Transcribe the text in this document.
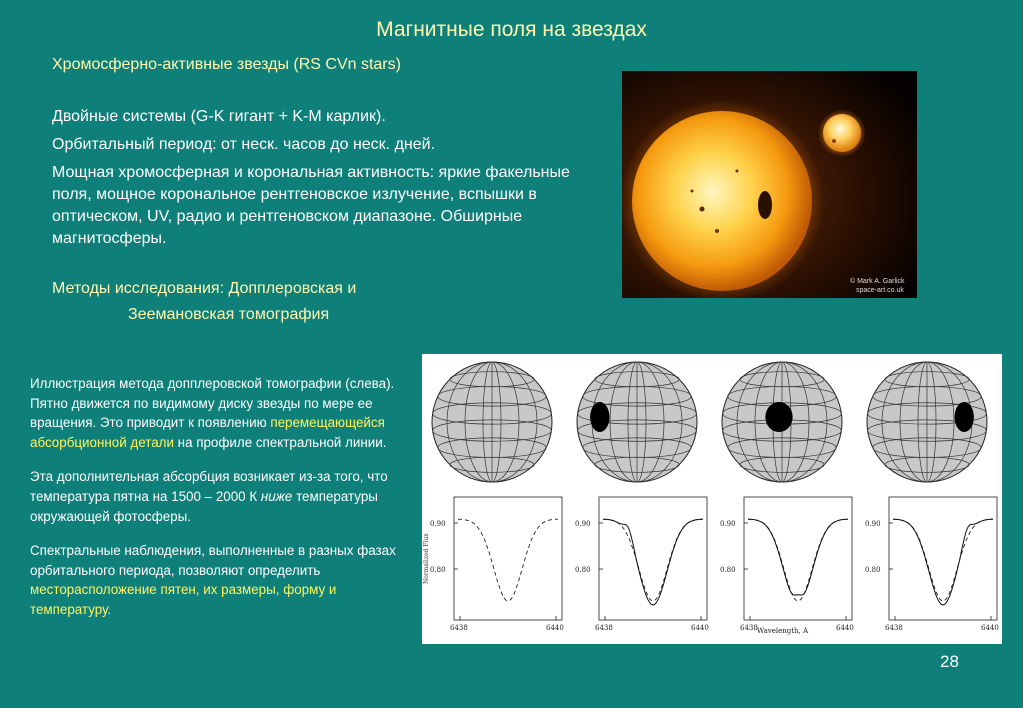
Магнитные поля на звездах
Хромосферно-активные звезды (RS CVn stars)

Двойные системы (G-K гигант + K-M карлик).

Орбитальный период: от неск. часов до неск. дней.

Мощная хромосферная и корональная активность: яркие факельные поля, мощное корональное рентгеновское излучение, вспышки в оптическом, UV, радио и рентгеновском диапазоне. Обширные магнитосферы.

Методы исследования: Допплеровская и
Зеемановская томография
© Mark A. Garlick
space-art.co.uk

Иллюстрация метода допплеровской томографии (слева). Пятно движется по видимому диску звезды по мере ее вращения. Это приводит к появлению перемещающейся абсорбционной детали на профиле спектральной линии.

Эта дополнительная абсорбция возникает из-за того, что температура пятна на 1500 – 2000 К ниже температуры окружающей фотосферы.

Спектральные наблюдения, выполненные в разных фазах орбитального периода, позволяют определить месторасположение пятен, их размеры, форму и температуру.

0.90
0.80
6438	6440
0.90
0.80
6438	6440
0.90
0.80
6438	6440
0.90
0.80
6438	6440
Normalized Flux
Wavelength, A
28
